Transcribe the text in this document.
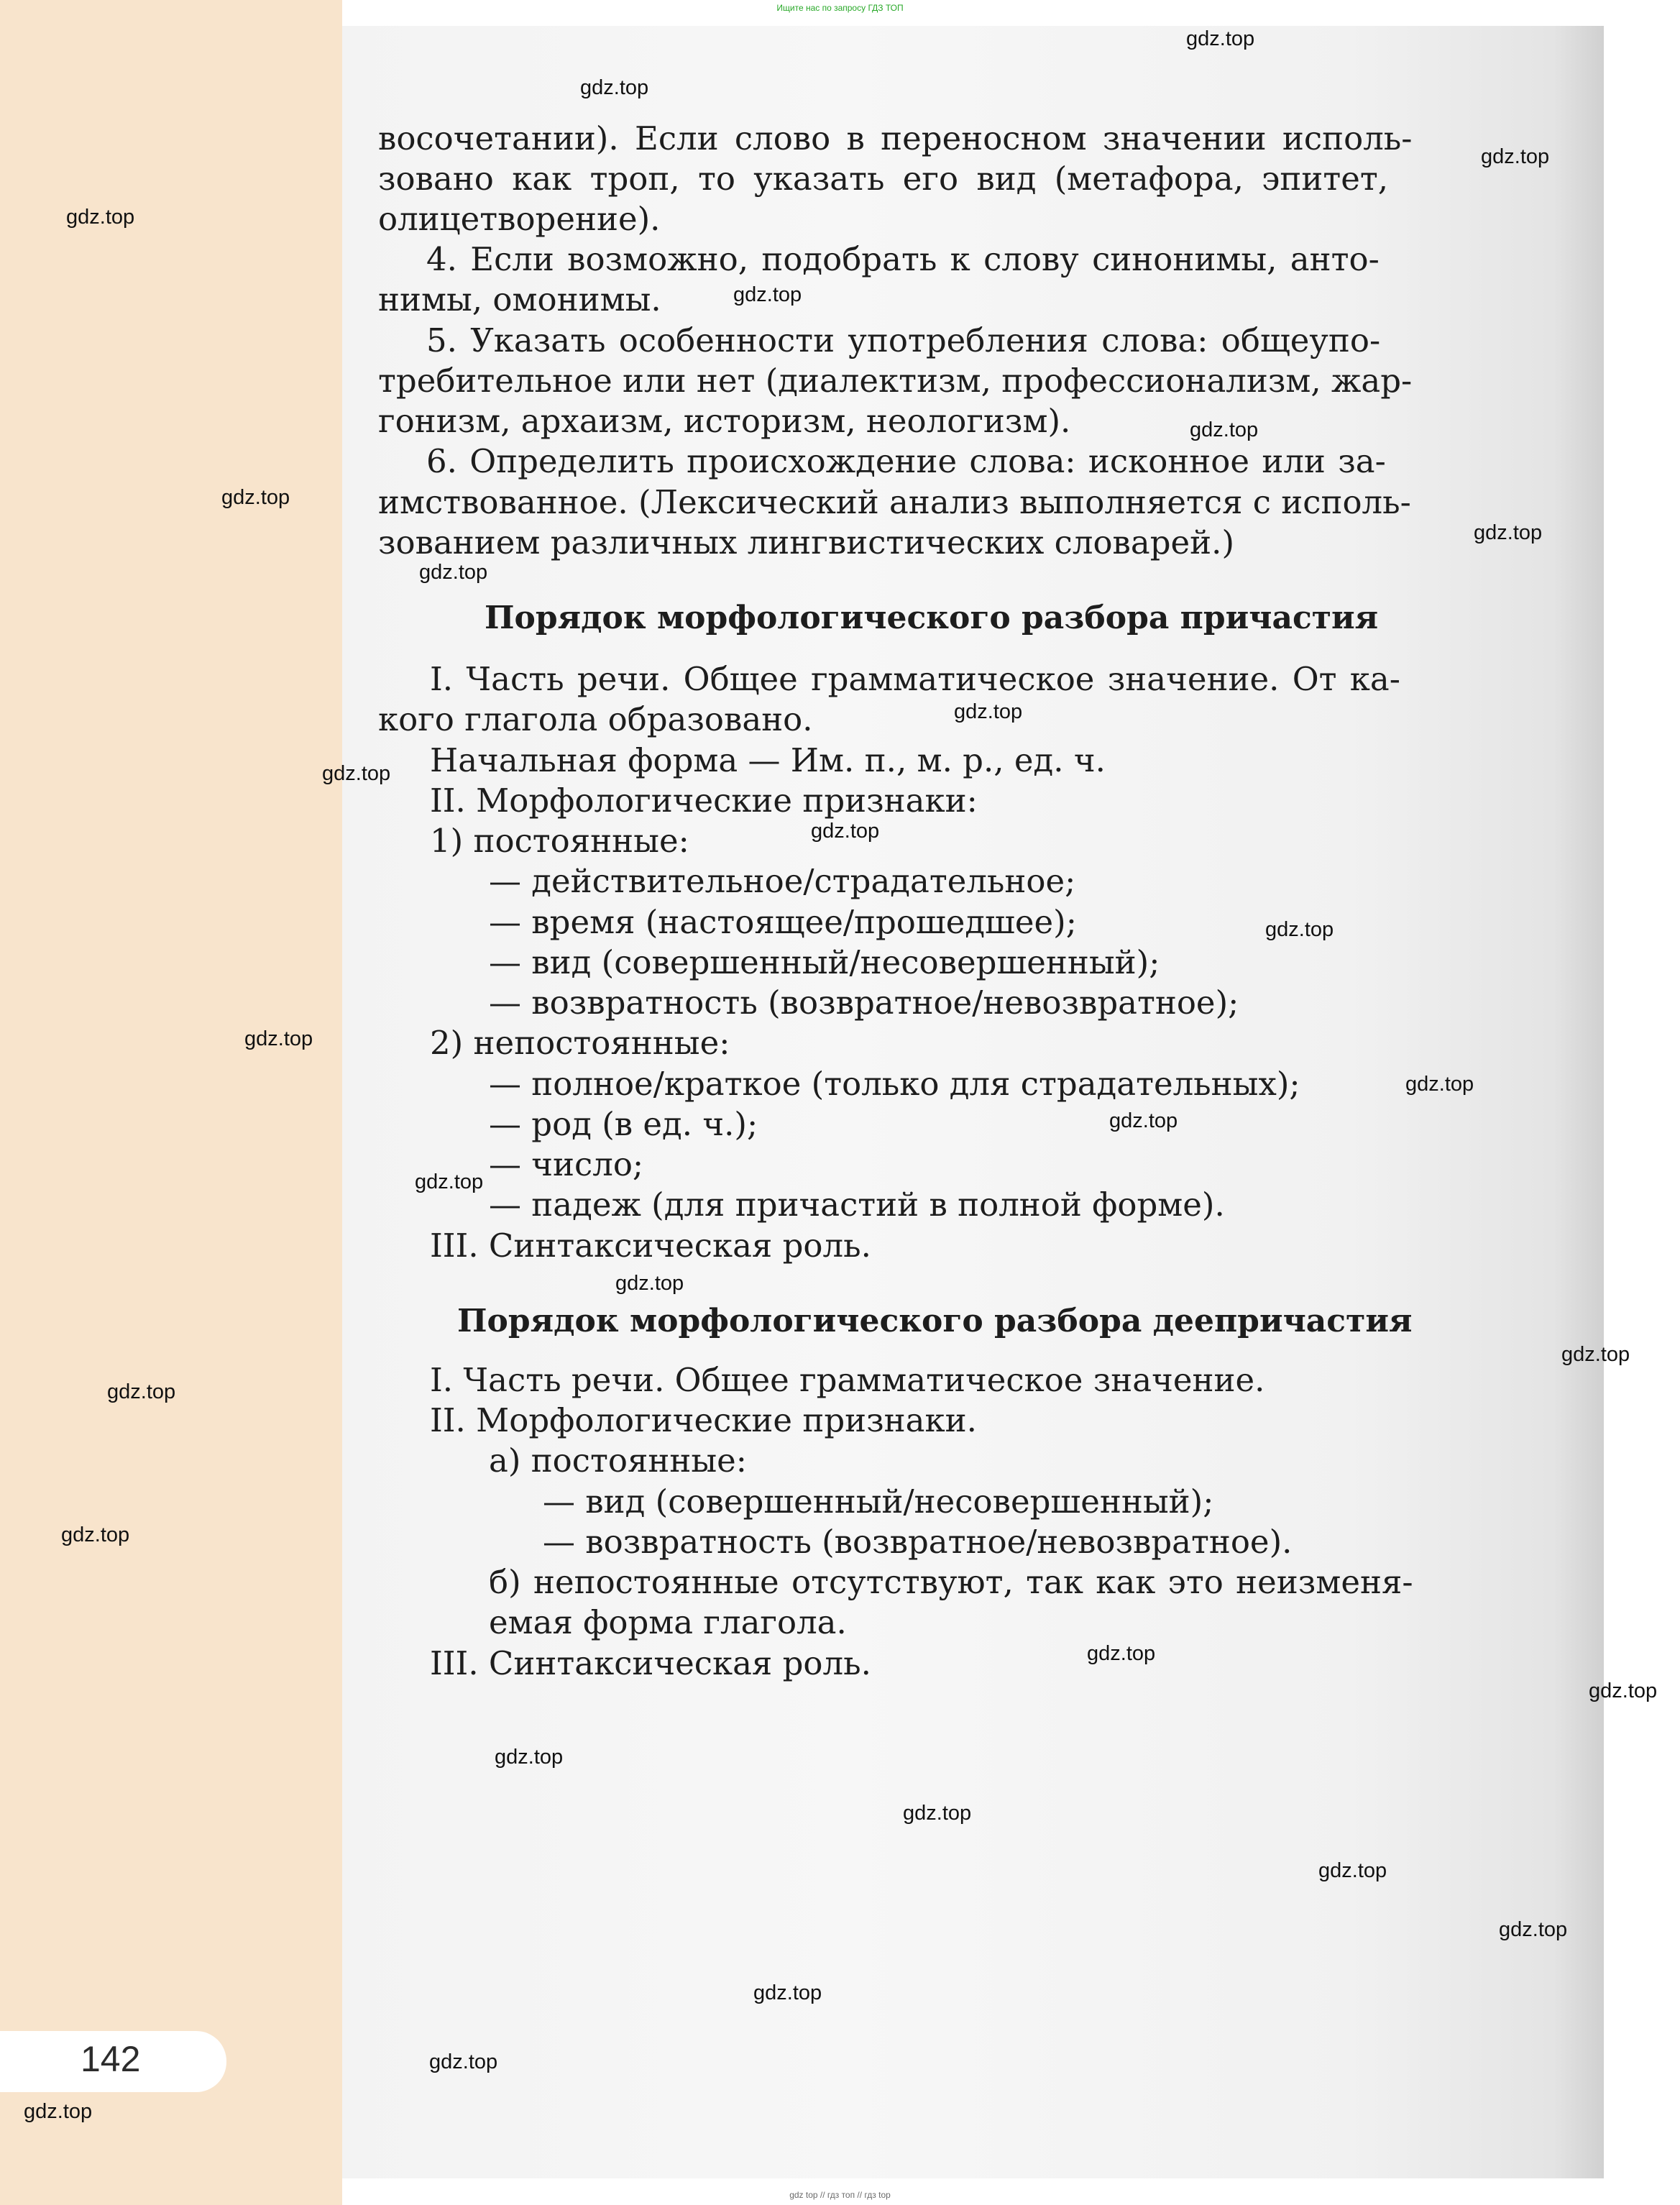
Ищите нас по запросу ГДЗ ТОП
восочетании). Если слово в переносном значении исполь-
зовано как троп, то указать его вид (метафора, эпитет,
олицетворение).
4. Если возможно, подобрать к слову синонимы, анто-
нимы, омонимы.
5. Указать особенности употребления слова: общеупо-
требительное или нет (диалектизм, профессионализм, жар-
гонизм, архаизм, историзм, неологизм).
6. Определить происхождение слова: исконное или за-
имствованное. (Лексический анализ выполняется с исполь-
зованием различных лингвистических словарей.)
Порядок морфологического разбора причастия
I. Часть речи. Общее грамматическое значение. От ка-
кого глагола образовано.
Начальная форма — Им. п., м. р., ед. ч.
II. Морфологические признаки:
1) постоянные:
— действительное/страдательное;
— время (настоящее/прошедшее);
— вид (совершенный/несовершенный);
— возвратность (возвратное/невозвратное);
2) непостоянные:
— полное/краткое (только для страдательных);
— род (в ед. ч.);
— число;
— падеж (для причастий в полной форме).
III. Синтаксическая роль.
Порядок морфологического разбора деепричастия
I. Часть речи. Общее грамматическое значение.
II. Морфологические признаки.
а) постоянные:
— вид (совершенный/несовершенный);
— возвратность (возвратное/невозвратное).
б) непостоянные отсутствуют, так как это неизменя-
емая форма глагола.
III. Синтаксическая роль.
142
gdz.top
gdz.top
gdz.top
gdz.top
gdz.top
gdz.top
gdz.top
gdz.top
gdz.top
gdz.top
gdz.top
gdz.top
gdz.top
gdz.top
gdz.top
gdz.top
gdz.top
gdz.top
gdz.top
gdz.top
gdz.top
gdz.top
gdz.top
gdz.top
gdz.top
gdz.top
gdz.top
gdz.top
gdz.top
gdz.top
gdz top // гдз топ // гдз top
